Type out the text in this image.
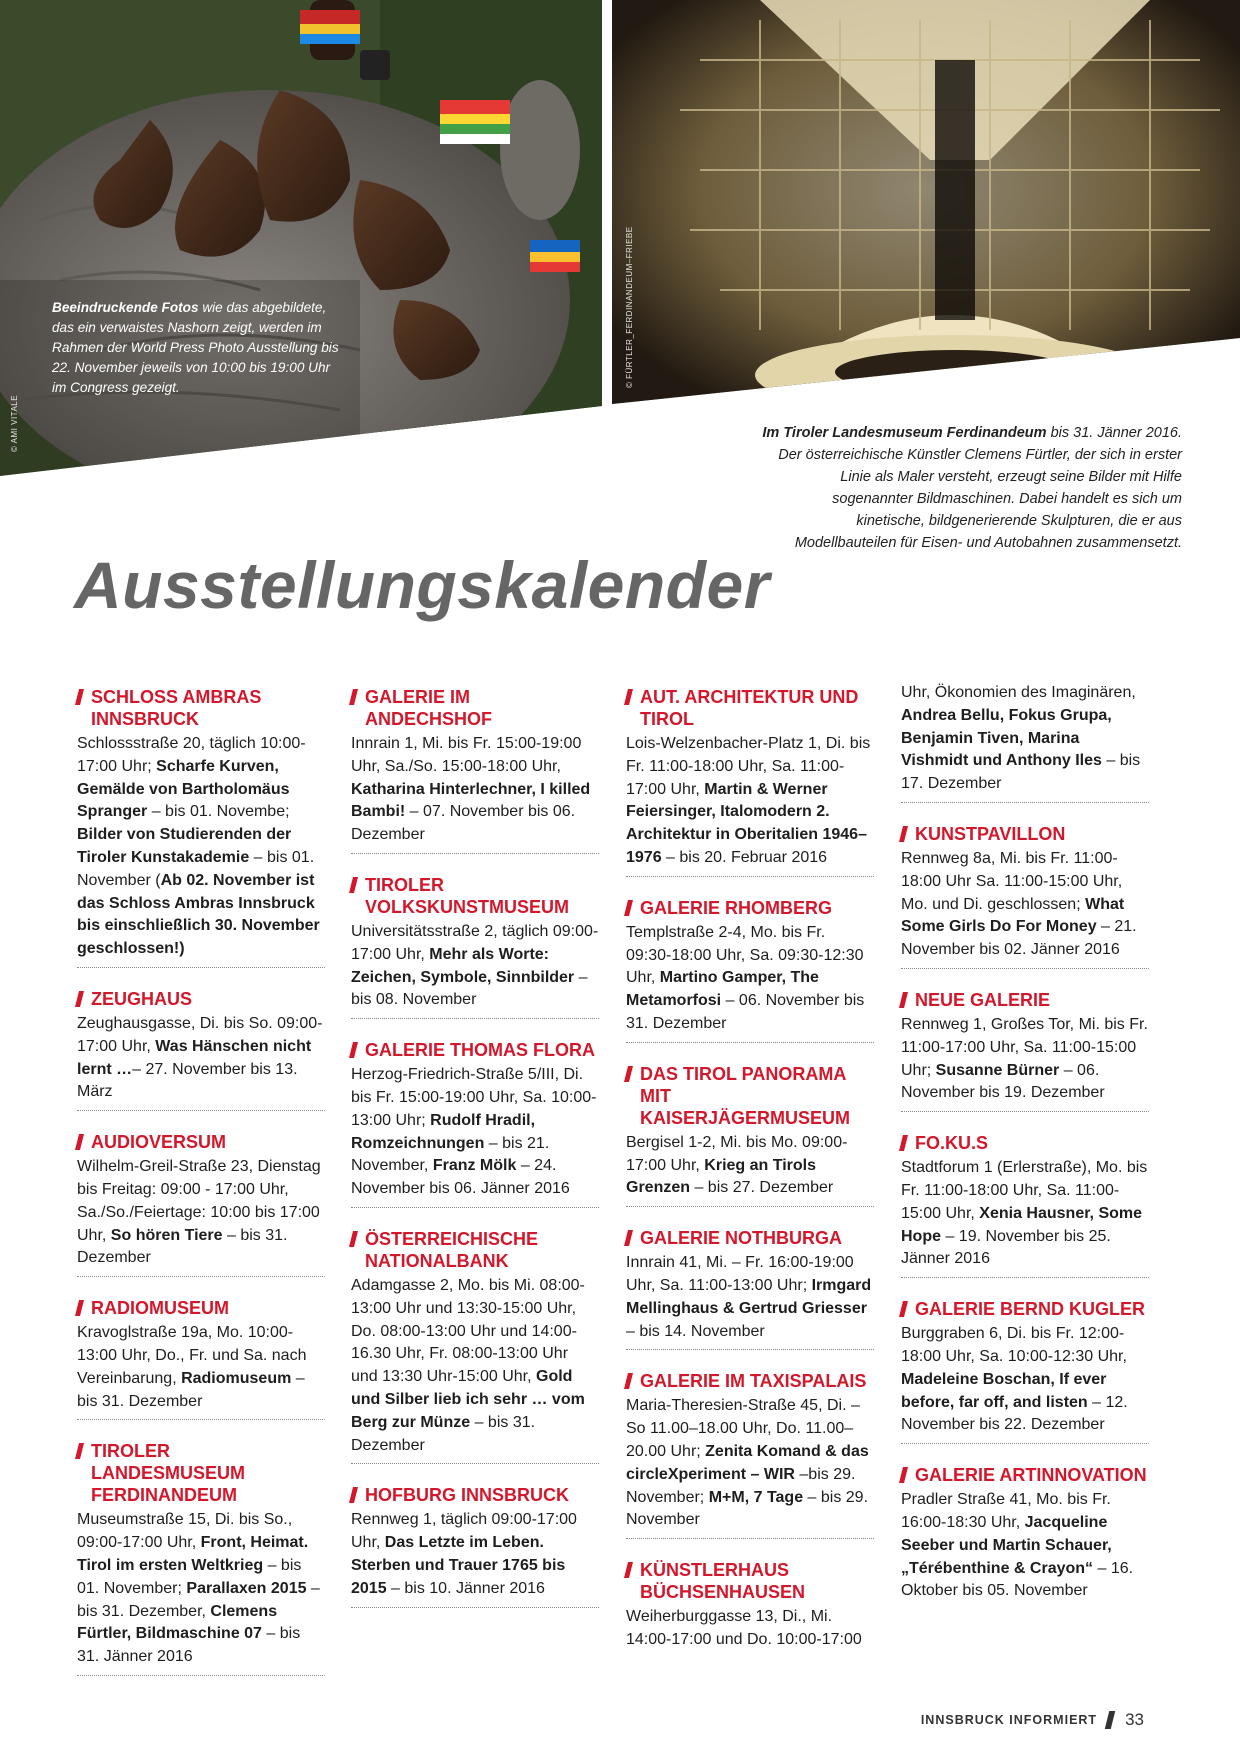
Beeindruckende Fotos wie das abgebildete, das ein verwaistes Nashorn zeigt, werden im Rahmen der World Press Photo Ausstellung bis 22. November jeweils von 10:00 bis 19:00 Uhr im Congress gezeigt.
© AMI VITALE
© FÜRTLER_FERDINANDEUM–FRIEBE
Im Tiroler Landesmuseum Ferdinandeum bis 31. Jänner 2016. Der österreichische Künstler Clemens Fürtler, der sich in erster Linie als Maler versteht, erzeugt seine Bilder mit Hilfe sogenannter Bildmaschinen. Dabei handelt es sich um kinetische, bildgenerierende Skulpturen, die er aus Modellbauteilen für Eisen- und Autobahnen zusammensetzt.
Ausstellungskalender
SCHLOSS AMBRAS INNSBRUCK

Schlossstraße 20, täglich 10:00-17:00 Uhr; Scharfe Kurven, Gemälde von Bartholomäus Spranger – bis 01. Novembe; Bilder von Studierenden der Tiroler Kunstakademie – bis 01. November (Ab 02. November ist das Schloss Ambras Innsbruck bis einschließlich 30. November geschlossen!)

ZEUGHAUS

Zeughausgasse, Di. bis So. 09:00-17:00 Uhr, Was Hänschen nicht lernt …– 27. November bis 13. März

AUDIOVERSUM

Wilhelm-Greil-Straße 23, Dienstag bis Freitag: 09:00 - 17:00 Uhr, Sa./So./Feiertage: 10:00 bis 17:00 Uhr, So hören Tiere – bis 31. Dezember

RADIOMUSEUM

Kravoglstraße 19a, Mo. 10:00-13:00 Uhr, Do., Fr. und Sa. nach Vereinbarung, Radiomuseum – bis 31. Dezember

TIROLER LANDESMUSEUM FERDINANDEUM

Museumstraße 15, Di. bis So., 09:00-17:00 Uhr, Front, Heimat. Tirol im ersten Weltkrieg – bis 01. November; Parallaxen 2015 – bis 31. Dezember, Clemens Fürtler, Bildmaschine 07 – bis 31. Jänner 2016

GALERIE IM ANDECHSHOF

Innrain 1, Mi. bis Fr. 15:00-19:00 Uhr, Sa./So. 15:00-18:00 Uhr, Katharina Hinterlechner, I killed Bambi! – 07. November bis 06. Dezember

TIROLER VOLKSKUNSTMUSEUM

Universitätsstraße 2, täglich 09:00-17:00 Uhr, Mehr als Worte: Zeichen, Symbole, Sinnbilder – bis 08. November

GALERIE THOMAS FLORA

Herzog-Friedrich-Straße 5/III, Di. bis Fr. 15:00-19:00 Uhr, Sa. 10:00-13:00 Uhr; Rudolf Hradil, Romzeichnungen – bis 21. November, Franz Mölk – 24. November bis 06. Jänner 2016

ÖSTERREICHISCHE NATIONALBANK

Adamgasse 2, Mo. bis Mi. 08:00-13:00 Uhr und 13:30-15:00 Uhr, Do. 08:00-13:00 Uhr und 14:00-16.30 Uhr, Fr. 08:00-13:00 Uhr und 13:30 Uhr-15:00 Uhr, Gold und Silber lieb ich sehr … vom Berg zur Münze – bis 31. Dezember

HOFBURG INNSBRUCK

Rennweg 1, täglich 09:00-17:00 Uhr, Das Letzte im Leben. Sterben und Trauer 1765 bis 2015 – bis 10. Jänner 2016

AUT. ARCHITEKTUR UND TIROL

Lois-Welzenbacher-Platz 1, Di. bis Fr. 11:00-18:00 Uhr, Sa. 11:00-17:00 Uhr, Martin & Werner Feiersinger, Italomodern 2. Architektur in Oberitalien 1946–1976 – bis 20. Februar 2016

GALERIE RHOMBERG

Templstraße 2-4, Mo. bis Fr. 09:30-18:00 Uhr, Sa. 09:30-12:30 Uhr, Martino Gamper, The Metamorfosi – 06. November bis 31. Dezember

DAS TIROL PANORAMA MIT KAISERJÄGERMUSEUM

Bergisel 1-2, Mi. bis Mo. 09:00-17:00 Uhr, Krieg an Tirols Grenzen – bis 27. Dezember

GALERIE NOTHBURGA

Innrain 41, Mi. – Fr. 16:00-19:00 Uhr, Sa. 11:00-13:00 Uhr; Irmgard Mellinghaus & Gertrud Griesser – bis 14. November

GALERIE IM TAXISPALAIS

Maria-Theresien-Straße 45, Di. – So 11.00–18.00 Uhr, Do. 11.00–20.00 Uhr; Zenita Komand & das circleXperiment – WIR –bis 29. November; M+M, 7 Tage – bis 29. November

KÜNSTLERHAUS BÜCHSENHAUSEN

Weiherburggasse 13, Di., Mi. 14:00-17:00 und Do. 10:00-17:00

Uhr, Ökonomien des Imaginären, Andrea Bellu, Fokus Grupa, Benjamin Tiven, Marina Vishmidt und Anthony Iles – bis 17. Dezember

KUNSTPAVILLON

Rennweg 8a, Mi. bis Fr. 11:00-18:00 Uhr Sa. 11:00-15:00 Uhr, Mo. und Di. geschlossen; What Some Girls Do For Money – 21. November bis 02. Jänner 2016

NEUE GALERIE

Rennweg 1, Großes Tor, Mi. bis Fr. 11:00-17:00 Uhr, Sa. 11:00-15:00 Uhr; Susanne Bürner – 06. November bis 19. Dezember

FO.KU.S

Stadtforum 1 (Erlerstraße), Mo. bis Fr. 11:00-18:00 Uhr, Sa. 11:00-15:00 Uhr, Xenia Hausner, Some Hope – 19. November bis 25. Jänner 2016

GALERIE BERND KUGLER

Burggraben 6, Di. bis Fr. 12:00-18:00 Uhr, Sa. 10:00-12:30 Uhr, Madeleine Boschan, If ever before, far off, and listen – 12. November bis 22. Dezember

GALERIE ARTINNOVATION

Pradler Straße 41, Mo. bis Fr. 16:00-18:30 Uhr, Jacqueline Seeber und Martin Schauer, „Térébenthine & Crayon“ – 16. Oktober bis 05. November

INNSBRUCK INFORMIERT 33
